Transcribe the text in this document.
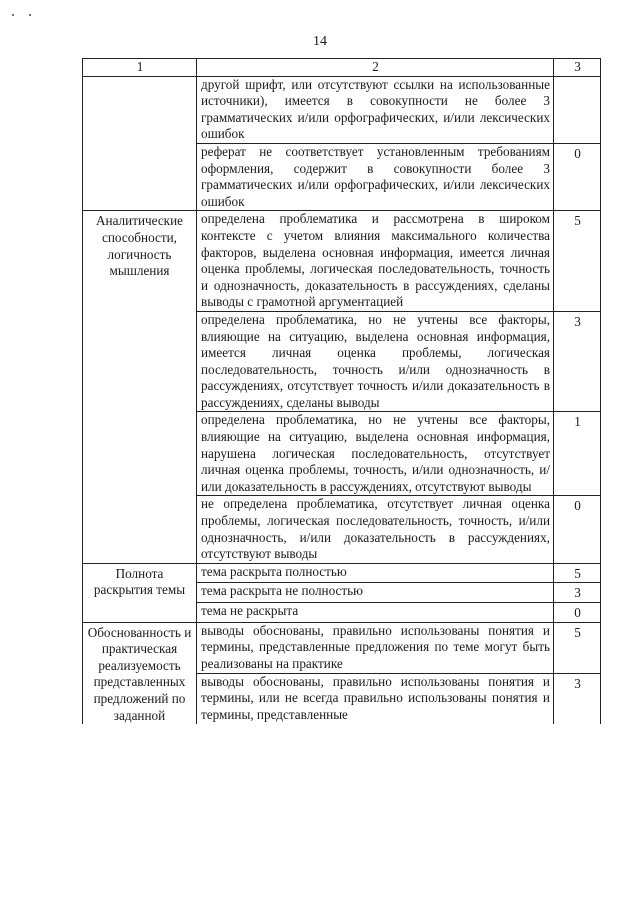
14
1	2	3
	другой шрифт, или отсутствуют ссылки на использованные источники), имеется в совокупности не более 3 грамматических и/или орфографических, и/или лексических ошибок	
	реферат не соответствует установленным требованиям оформления, содержит в совокупности более 3 грамматических и/или орфографических, и/или лексических ошибок	0
Аналитические способности, логичность мышления	определена проблематика и рассмотрена в широком контексте с учетом влияния максимального количества факторов, выделена основная информация, имеется личная оценка проблемы, логическая последовательность, точность и однозначность, доказательность в рассуждениях, сделаны выводы с грамотной аргументацией	5
	определена проблематика, но не учтены все факторы, влияющие на ситуацию, выделена основная информация, имеется личная оценка проблемы, логическая последовательность, точность и/или однозначность в рассуждениях, отсутствует точность и/или доказательность в рассуждениях, сделаны выводы	3
	определена проблематика, но не учтены все факторы, влияющие на ситуацию, выделена основная информация, нарушена логическая последовательность, отсутствует личная оценка проблемы, точность, и/или однозначность, и/или доказательность в рассуждениях, отсутствуют выводы	1
	не определена проблематика, отсутствует личная оценка проблемы, логическая последовательность, точность, и/или однозначность, и/или доказательность в рассуждениях, отсутствуют выводы	0
Полнота раскрытия темы	тема раскрыта полностью	5
	тема раскрыта не полностью	3
	тема не раскрыта	0
Обоснованность и практическая реализуемость представленных предложений по заданной	выводы обоснованы, правильно использованы понятия и термины, представленные предложения по теме могут быть реализованы на практике	5
	выводы обоснованы, правильно использованы понятия и термины, или не всегда правильно использованы понятия и термины, представленные	3
